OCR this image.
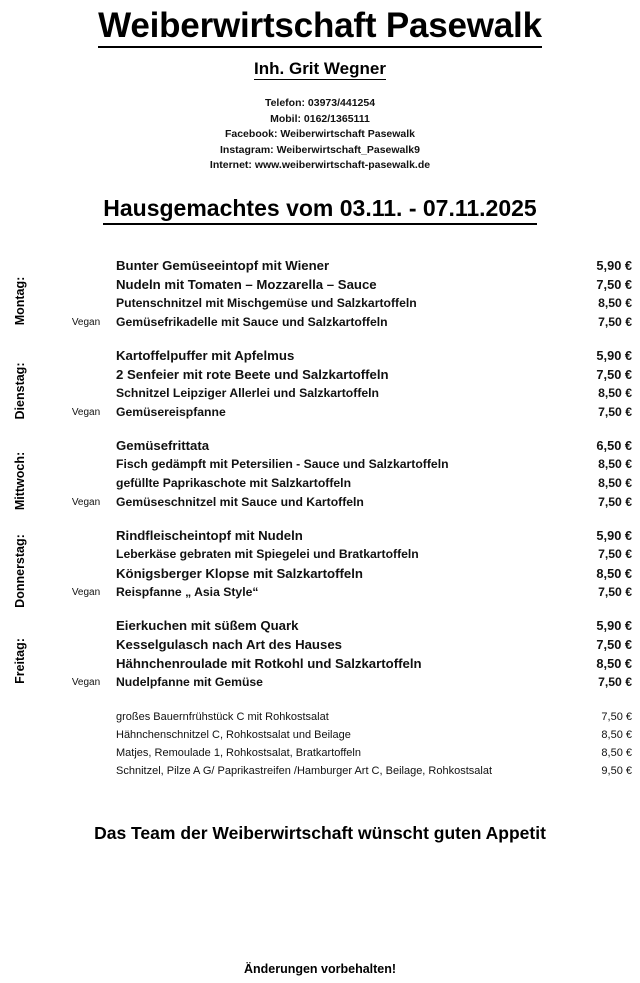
Weiberwirtschaft Pasewalk
Inh. Grit Wegner
Telefon: 03973/441254
Mobil: 0162/1365111
Facebook: Weiberwirtschaft Pasewalk
Instagram: Weiberwirtschaft_Pasewalk9
Internet: www.weiberwirtschaft-pasewalk.de
Hausgemachtes vom 03.11. - 07.11.2025
Montag:
Bunter Gemüseeintopf mit Wiener	5,90 €
Nudeln mit Tomaten – Mozzarella – Sauce	7,50 €
Putenschnitzel mit Mischgemüse und Salzkartoffeln	8,50 €
Vegan	Gemüsefrikadelle mit Sauce und Salzkartoffeln	7,50 €
Dienstag:
Kartoffelpuffer mit Apfelmus	5,90 €
2 Senfeier mit rote Beete und Salzkartoffeln	7,50 €
Schnitzel Leipziger Allerlei und Salzkartoffeln	8,50 €
Vegan	Gemüsereispfanne	7,50 €
Mittwoch:
Gemüsefrittata	6,50 €
Fisch gedämpft mit Petersilien - Sauce und Salzkartoffeln	8,50 €
gefüllte Paprikaschote mit Salzkartoffeln	8,50 €
Vegan	Gemüseschnitzel mit Sauce und Kartoffeln	7,50 €
Donnerstag:	Rindfleischeintopf mit Nudeln	5,90 €
Leberkäse gebraten mit Spiegelei und Bratkartoffeln	7,50 €
Königsberger Klopse mit Salzkartoffeln	8,50 €
Vegan	Reispfanne „ Asia Style“	7,50 €
Freitag:
Eierkuchen mit süßem Quark	5,90 €
Kesselgulasch nach Art des Hauses	7,50 €
Hähnchenroulade mit Rotkohl und Salzkartoffeln	8,50 €
Vegan	Nudelpfanne mit Gemüse	7,50 €
großes Bauernfrühstück C mit Rohkostsalat	7,50 €
Hähnchenschnitzel C, Rohkostsalat und Beilage	8,50 €
Matjes, Remoulade 1, Rohkostsalat, Bratkartoffeln	8,50 €
Schnitzel, Pilze A G/ Paprikastreifen /Hamburger Art C, Beilage, Rohkostsalat	9,50 €
Das Team der Weiberwirtschaft wünscht guten Appetit
Änderungen vorbehalten!
